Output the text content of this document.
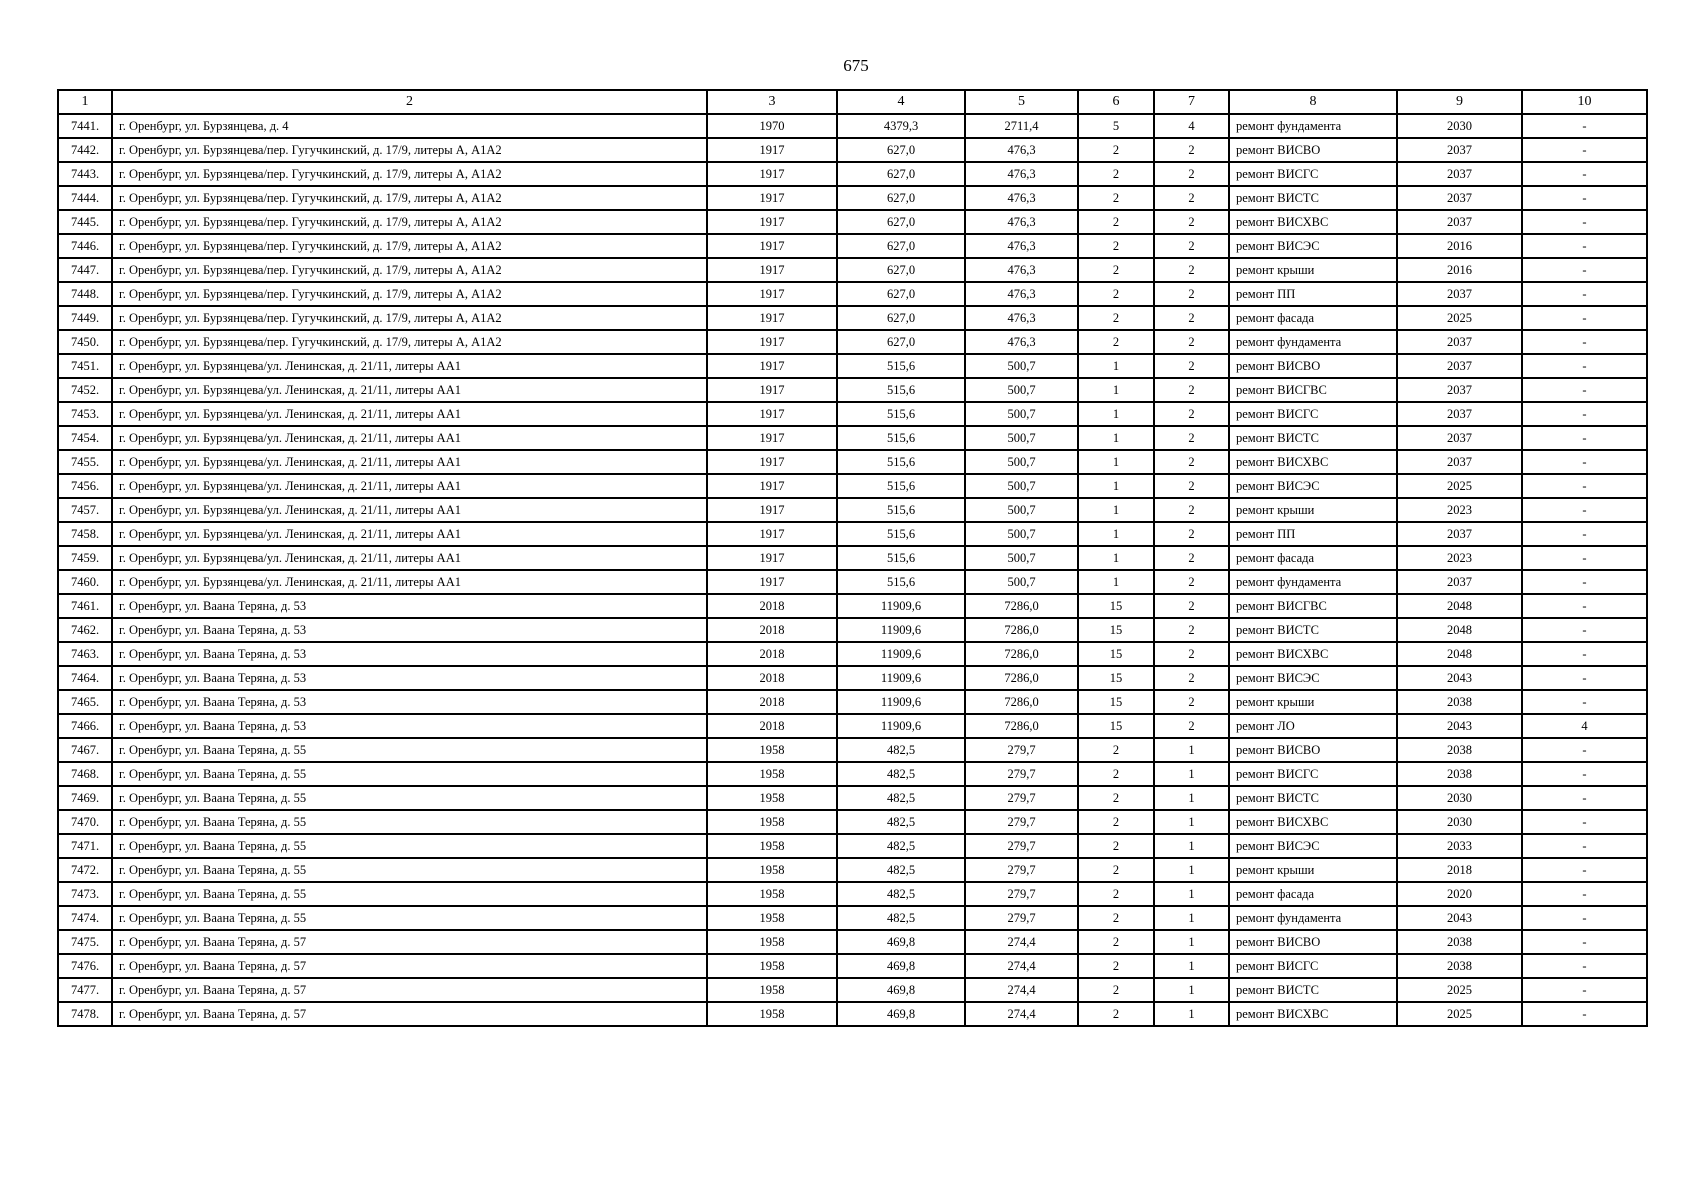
675
1	2	3	4	5	6	7	8	9	10
7441.	г. Оренбург, ул. Бурзянцева, д. 4	1970	4379,3	2711,4	5	4	ремонт фундамента	2030	-
7442.	г. Оренбург, ул. Бурзянцева/пер. Гугучкинский, д. 17/9, литеры А, А1А2	1917	627,0	476,3	2	2	ремонт ВИСВО	2037	-
7443.	г. Оренбург, ул. Бурзянцева/пер. Гугучкинский, д. 17/9, литеры А, А1А2	1917	627,0	476,3	2	2	ремонт ВИСГС	2037	-
7444.	г. Оренбург, ул. Бурзянцева/пер. Гугучкинский, д. 17/9, литеры А, А1А2	1917	627,0	476,3	2	2	ремонт ВИСТС	2037	-
7445.	г. Оренбург, ул. Бурзянцева/пер. Гугучкинский, д. 17/9, литеры А, А1А2	1917	627,0	476,3	2	2	ремонт ВИСХВС	2037	-
7446.	г. Оренбург, ул. Бурзянцева/пер. Гугучкинский, д. 17/9, литеры А, А1А2	1917	627,0	476,3	2	2	ремонт ВИСЭС	2016	-
7447.	г. Оренбург, ул. Бурзянцева/пер. Гугучкинский, д. 17/9, литеры А, А1А2	1917	627,0	476,3	2	2	ремонт крыши	2016	-
7448.	г. Оренбург, ул. Бурзянцева/пер. Гугучкинский, д. 17/9, литеры А, А1А2	1917	627,0	476,3	2	2	ремонт ПП	2037	-
7449.	г. Оренбург, ул. Бурзянцева/пер. Гугучкинский, д. 17/9, литеры А, А1А2	1917	627,0	476,3	2	2	ремонт фасада	2025	-
7450.	г. Оренбург, ул. Бурзянцева/пер. Гугучкинский, д. 17/9, литеры А, А1А2	1917	627,0	476,3	2	2	ремонт фундамента	2037	-
7451.	г. Оренбург, ул. Бурзянцева/ул. Ленинская, д. 21/11, литеры АА1	1917	515,6	500,7	1	2	ремонт ВИСВО	2037	-
7452.	г. Оренбург, ул. Бурзянцева/ул. Ленинская, д. 21/11, литеры АА1	1917	515,6	500,7	1	2	ремонт ВИСГВС	2037	-
7453.	г. Оренбург, ул. Бурзянцева/ул. Ленинская, д. 21/11, литеры АА1	1917	515,6	500,7	1	2	ремонт ВИСГС	2037	-
7454.	г. Оренбург, ул. Бурзянцева/ул. Ленинская, д. 21/11, литеры АА1	1917	515,6	500,7	1	2	ремонт ВИСТС	2037	-
7455.	г. Оренбург, ул. Бурзянцева/ул. Ленинская, д. 21/11, литеры АА1	1917	515,6	500,7	1	2	ремонт ВИСХВС	2037	-
7456.	г. Оренбург, ул. Бурзянцева/ул. Ленинская, д. 21/11, литеры АА1	1917	515,6	500,7	1	2	ремонт ВИСЭС	2025	-
7457.	г. Оренбург, ул. Бурзянцева/ул. Ленинская, д. 21/11, литеры АА1	1917	515,6	500,7	1	2	ремонт крыши	2023	-
7458.	г. Оренбург, ул. Бурзянцева/ул. Ленинская, д. 21/11, литеры АА1	1917	515,6	500,7	1	2	ремонт ПП	2037	-
7459.	г. Оренбург, ул. Бурзянцева/ул. Ленинская, д. 21/11, литеры АА1	1917	515,6	500,7	1	2	ремонт фасада	2023	-
7460.	г. Оренбург, ул. Бурзянцева/ул. Ленинская, д. 21/11, литеры АА1	1917	515,6	500,7	1	2	ремонт фундамента	2037	-
7461.	г. Оренбург, ул. Ваана Теряна, д. 53	2018	11909,6	7286,0	15	2	ремонт ВИСГВС	2048	-
7462.	г. Оренбург, ул. Ваана Теряна, д. 53	2018	11909,6	7286,0	15	2	ремонт ВИСТС	2048	-
7463.	г. Оренбург, ул. Ваана Теряна, д. 53	2018	11909,6	7286,0	15	2	ремонт ВИСХВС	2048	-
7464.	г. Оренбург, ул. Ваана Теряна, д. 53	2018	11909,6	7286,0	15	2	ремонт ВИСЭС	2043	-
7465.	г. Оренбург, ул. Ваана Теряна, д. 53	2018	11909,6	7286,0	15	2	ремонт крыши	2038	-
7466.	г. Оренбург, ул. Ваана Теряна, д. 53	2018	11909,6	7286,0	15	2	ремонт ЛО	2043	4
7467.	г. Оренбург, ул. Ваана Теряна, д. 55	1958	482,5	279,7	2	1	ремонт ВИСВО	2038	-
7468.	г. Оренбург, ул. Ваана Теряна, д. 55	1958	482,5	279,7	2	1	ремонт ВИСГС	2038	-
7469.	г. Оренбург, ул. Ваана Теряна, д. 55	1958	482,5	279,7	2	1	ремонт ВИСТС	2030	-
7470.	г. Оренбург, ул. Ваана Теряна, д. 55	1958	482,5	279,7	2	1	ремонт ВИСХВС	2030	-
7471.	г. Оренбург, ул. Ваана Теряна, д. 55	1958	482,5	279,7	2	1	ремонт ВИСЭС	2033	-
7472.	г. Оренбург, ул. Ваана Теряна, д. 55	1958	482,5	279,7	2	1	ремонт крыши	2018	-
7473.	г. Оренбург, ул. Ваана Теряна, д. 55	1958	482,5	279,7	2	1	ремонт фасада	2020	-
7474.	г. Оренбург, ул. Ваана Теряна, д. 55	1958	482,5	279,7	2	1	ремонт фундамента	2043	-
7475.	г. Оренбург, ул. Ваана Теряна, д. 57	1958	469,8	274,4	2	1	ремонт ВИСВО	2038	-
7476.	г. Оренбург, ул. Ваана Теряна, д. 57	1958	469,8	274,4	2	1	ремонт ВИСГС	2038	-
7477.	г. Оренбург, ул. Ваана Теряна, д. 57	1958	469,8	274,4	2	1	ремонт ВИСТС	2025	-
7478.	г. Оренбург, ул. Ваана Теряна, д. 57	1958	469,8	274,4	2	1	ремонт ВИСХВС	2025	-
